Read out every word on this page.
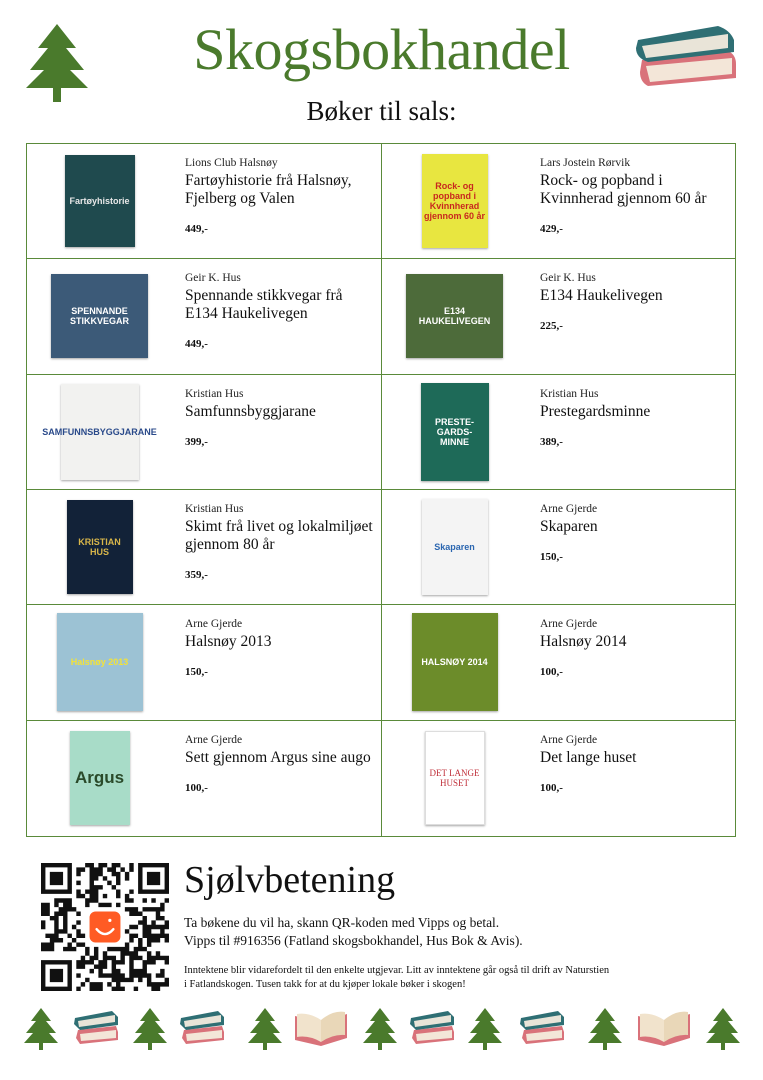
Skogsbokhandel
Bøker til sals:
Fartøyhistorie
Lions Club Halsnøy
Fartøyhistorie frå Halsnøy, Fjelberg og Valen
449,-
Rock- og popband i Kvinnherad gjennom 60 år
Lars Jostein Rørvik
Rock- og popband i Kvinnherad gjennom 60 år
429,-
SPENNANDE STIKKVEGAR
Geir K. Hus
Spennande stikkvegar frå E134 Haukelivegen
449,-
E134 HAUKELIVEGEN
Geir K. Hus
E134 Haukelivegen
225,-
SAMFUNNSBYGGJARANE
Kristian Hus
Samfunnsbyggjarane
399,-
PRESTE-GARDS-MINNE
Kristian Hus
Prestegardsminne
389,-
KRISTIAN HUS
Kristian Hus
Skimt frå livet og lokalmiljøet gjennom 80 år
359,-
Skaparen
Arne Gjerde
Skaparen
150,-
Halsnøy 2013
Arne Gjerde
Halsnøy 2013
150,-
HALSNØY 2014
Arne Gjerde
Halsnøy 2014
100,-
Argus
Arne Gjerde
Sett gjennom Argus sine augo
100,-
DET LANGE HUSET
Arne Gjerde
Det lange huset
100,-
Sjølvbetening
Ta bøkene du vil ha, skann QR-koden med Vipps og betal.
Vipps til #916356 (Fatland skogsbokhandel, Hus Bok & Avis).
Inntektene blir vidarefordelt til den enkelte utgjevar. Litt av inntektene går også til drift av Naturstien
i Fatlandskogen. Tusen takk for at du kjøper lokale bøker i skogen!
